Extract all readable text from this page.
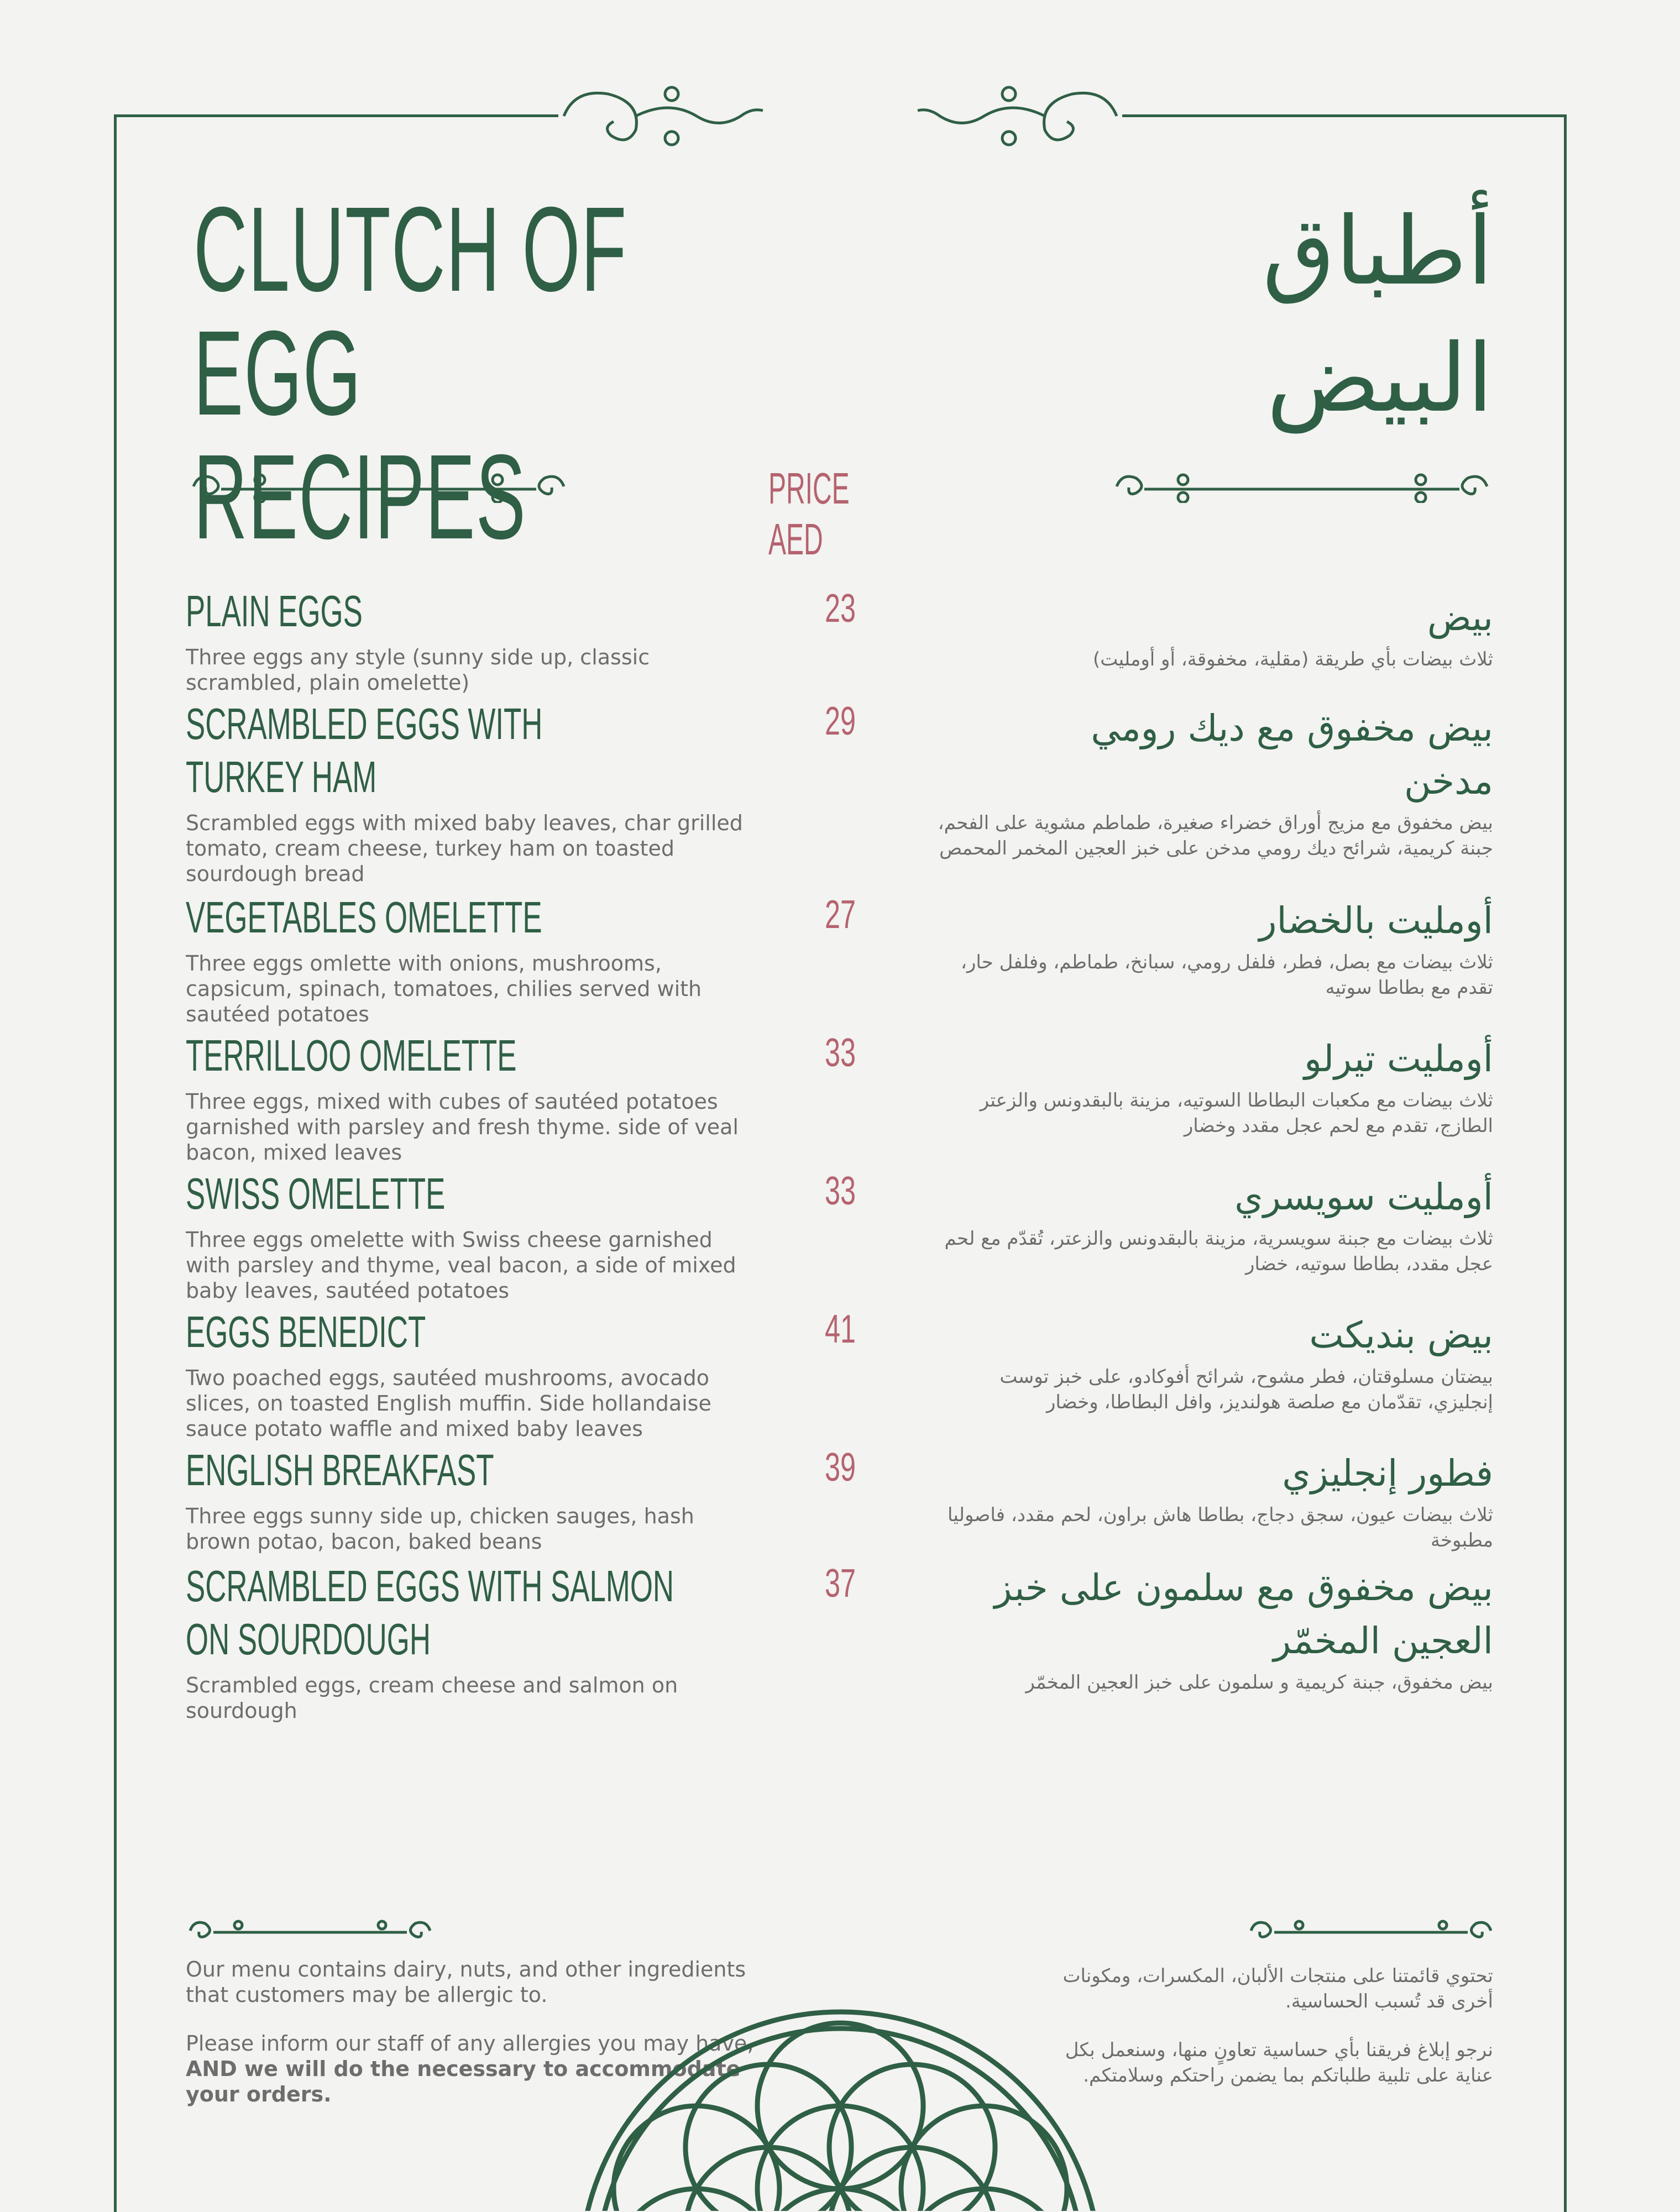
CLUTCH OF
EGG RECIPES
أطباق
البيض
PRICE AED
PLAIN EGGS
Three eggs any style (sunny side up, classic scrambled, plain omelette)
23
SCRAMBLED EGGS WITH
TURKEY HAM
Scrambled eggs with mixed baby leaves, char grilled tomato, cream cheese, turkey ham on toasted sourdough bread
29
VEGETABLES OMELETTE
Three eggs omlette with onions, mushrooms, capsicum, spinach, tomatoes, chilies served with sautéed potatoes
27
TERRILLOO OMELETTE
Three eggs, mixed with cubes of sautéed potatoes garnished with parsley and fresh thyme. side of veal bacon, mixed leaves
33
SWISS OMELETTE
Three eggs omelette with Swiss cheese garnished with parsley and thyme, veal bacon, a side of mixed baby leaves, sautéed potatoes
33
EGGS BENEDICT
Two poached eggs, sautéed mushrooms, avocado slices, on toasted English muffin. Side hollandaise sauce potato waffle and mixed baby leaves
41
ENGLISH BREAKFAST
Three eggs sunny side up, chicken sauges, hash brown potao, bacon, baked beans
39
SCRAMBLED EGGS WITH SALMON
ON SOURDOUGH
Scrambled eggs, cream cheese and salmon on sourdough
37
بيض
ثلاث بيضات بأي طريقة (مقلية، مخفوقة، أو أومليت)
بيض مخفوق مع ديك رومي مدخن
بيض مخفوق مع مزيج أوراق خضراء صغيرة، طماطم مشوية على الفحم، جبنة كريمية، شرائح ديك رومي مدخن على خبز العجين المخمر المحمص
أومليت بالخضار
ثلاث بيضات مع بصل، فطر، فلفل رومي، سبانخ، طماطم، وفلفل حار، تقدم مع بطاطا سوتيه
أومليت تيرلو
ثلاث بيضات مع مكعبات البطاطا السوتيه، مزينة بالبقدونس والزعتر الطازج، تقدم مع لحم عجل مقدد وخضار
أومليت سويسري
ثلاث بيضات مع جبنة سويسرية، مزينة بالبقدونس والزعتر، تُقدّم مع لحم عجل مقدد، بطاطا سوتيه، خضار
بيض بنديكت
بيضتان مسلوقتان، فطر مشوح، شرائح أفوكادو، على خبز توست إنجليزي، تقدّمان مع صلصة هولنديز، وافل البطاطا، وخضار
فطور إنجليزي
ثلاث بيضات عيون، سجق دجاج، بطاطا هاش براون، لحم مقدد، فاصوليا مطبوخة
بيض مخفوق مع سلمون على خبز العجين المخمّر
بيض مخفوق، جبنة كريمية و سلمون على خبز العجين المخمّر

Our menu contains dairy, nuts, and other ingredients that customers may be allergic to.

Please inform our staff of any allergies you may have, AND we will do the necessary to accommodate your orders.

تحتوي قائمتنا على منتجات الألبان، المكسرات، ومكونات أخرى قد تُسبب الحساسية.

نرجو إبلاغ فريقنا بأي حساسية تعاونٍ منها، وسنعمل بكل عناية على تلبية طلباتكم بما يضمن راحتكم وسلامتكم.
